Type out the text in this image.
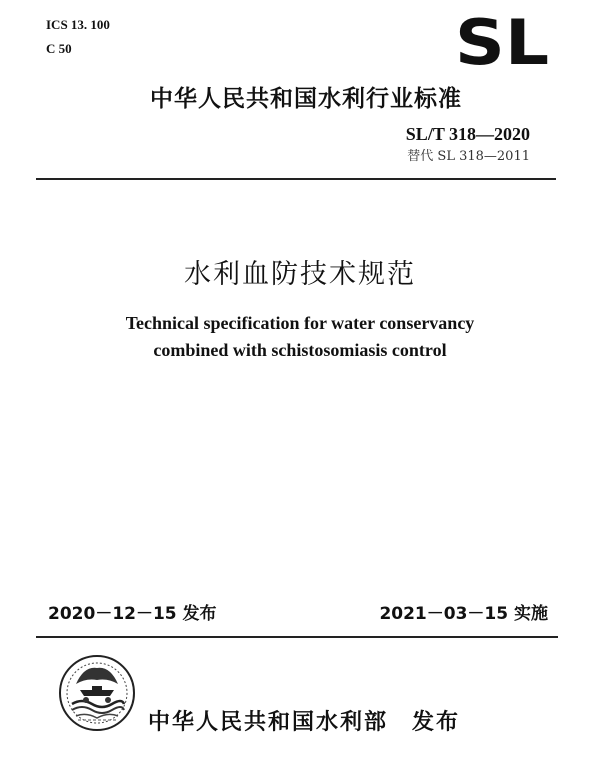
ICS 13. 100
C 50	SL
中华人民共和国水利行业标准
SL/T 318—2020
替代 SL 318—2011
水利血防技术规范
Technical specification for water conservancy
combined with schistosomiasis control
2020－12－15 发布	2021－03－15 实施
中华人民共和国水利部　发布
